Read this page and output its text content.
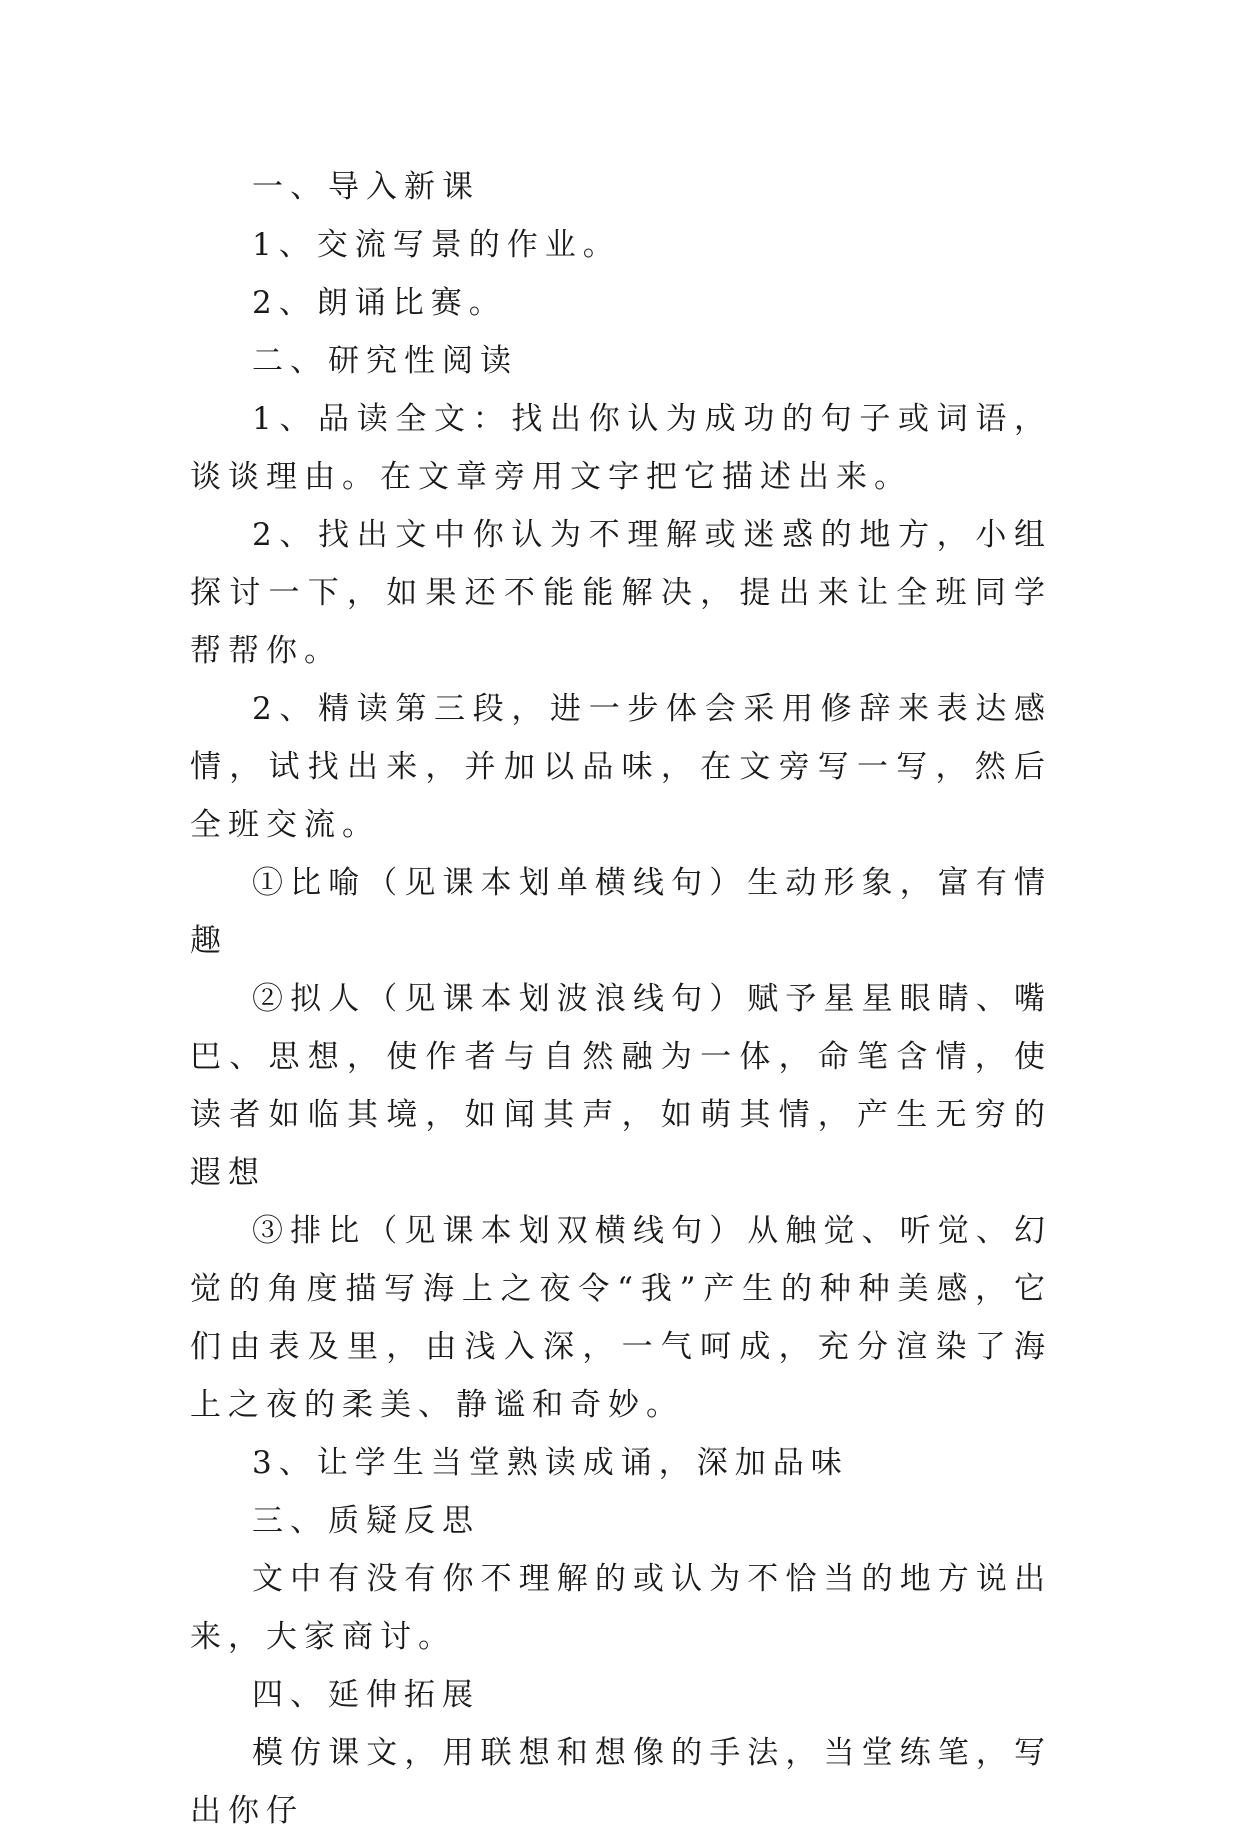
一、导入新课

1、交流写景的作业。

2、朗诵比赛。

二、研究性阅读

1、品读全文：找出你认为成功的句子或词语，谈谈理由。在文章旁用文字把它描述出来。

2、找出文中你认为不理解或迷惑的地方，小组探讨一下，如果还不能能解决，提出来让全班同学帮帮你。

2、精读第三段，进一步体会采用修辞来表达感情，试找出来，并加以品味，在文旁写一写，然后全班交流。

①比喻（见课本划单横线句）生动形象，富有情趣

②拟人（见课本划波浪线句）赋予星星眼睛、嘴巴、思想，使作者与自然融为一体，命笔含情，使读者如临其境，如闻其声，如萌其情，产生无穷的遐想

③排比（见课本划双横线句）从触觉、听觉、幻觉的角度描写海上之夜令“我”产生的种种美感，它们由表及里，由浅入深，一气呵成，充分渲染了海上之夜的柔美、静谧和奇妙。

3、让学生当堂熟读成诵，深加品味

三、质疑反思

文中有没有你不理解的或认为不恰当的地方说出来，大家商讨。

四、延伸拓展

模仿课文，用联想和想像的手法，当堂练笔，写出你仔
